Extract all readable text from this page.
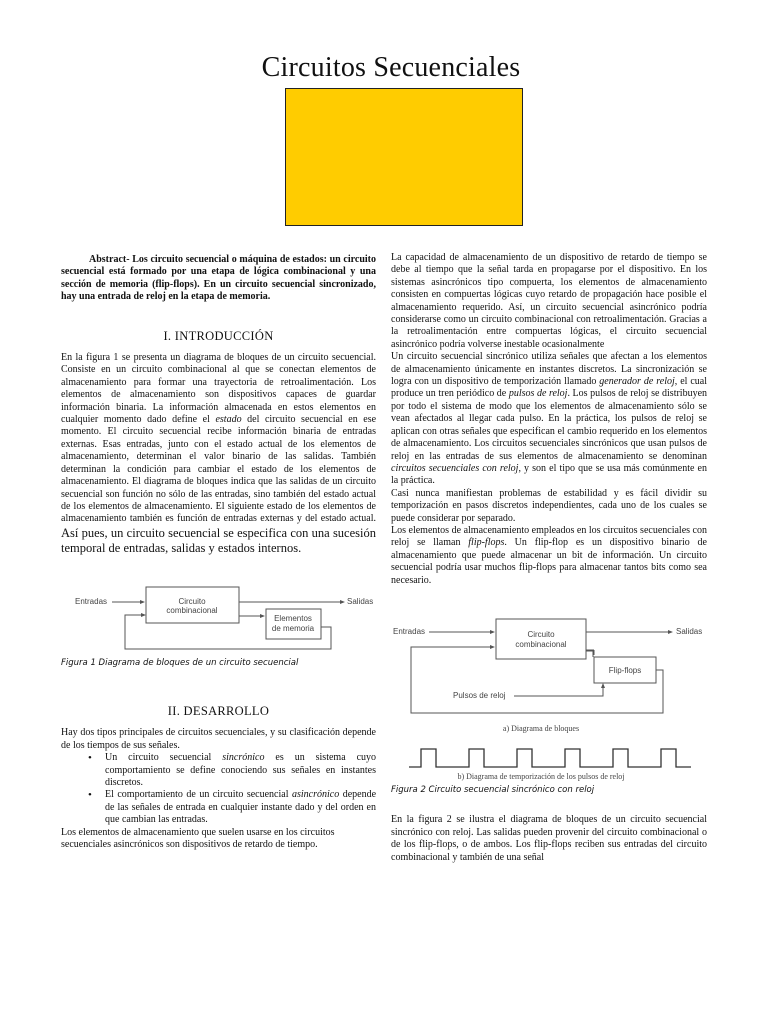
Circuitos Secuenciales

Abstract- Los circuito secuencial o máquina de estados: un circuito secuencial está formado por una etapa de lógica combinacional y una sección de memoria (flip-flops). En un circuito secuencial sincronizado, hay una entrada de reloj en la etapa de memoria.

I. INTRODUCCIÓN

En la figura 1 se presenta un diagrama de bloques de un circuito secuencial. Consiste en un circuito combinacional al que se conectan elementos de almacenamiento para formar una trayectoria de retroalimentación. Los elementos de almacenamiento son dispositivos capaces de guardar información binaria. La información almacenada en estos elementos en cualquier momento dado define el estado del circuito secuencial en ese momento. El circuito secuencial recibe información binaria de entradas externas. Esas entradas, junto con el estado actual de los elementos de almacenamiento, determinan el valor binario de las salidas. También determinan la condición para cambiar el estado de los elementos de almacenamiento. El diagrama de bloques indica que las salidas de un circuito secuencial son función no sólo de las entradas, sino también del estado actual de los elementos de almacenamiento. El siguiente estado de los elementos de almacenamiento también es función de entradas externas y del estado actual. Así pues, un circuito secuencial se especifica con una sucesión temporal de entradas, salidas y estados internos.

Entradas	Circuito
combinacional
Salidas
Elementos
de memoria
Figura 1 Diagrama de bloques de un circuito secuencial
II. DESARROLLO

Hay dos tipos principales de circuitos secuenciales, y su clasificación depende de los tiempos de sus señales.

• Un circuito secuencial sincrónico es un sistema cuyo comportamiento se define conociendo sus señales en instantes discretos.
• El comportamiento de un circuito secuencial asincrónico depende de las señales de entrada en cualquier instante dado y del orden en que cambian las entradas.

Los elementos de almacenamiento que suelen usarse en los circuitos secuenciales asincrónicos son dispositivos de retardo de tiempo.

La capacidad de almacenamiento de un dispositivo de retardo de tiempo se debe al tiempo que la señal tarda en propagarse por el dispositivo. En los sistemas asincrónicos tipo compuerta, los elementos de almacenamiento consisten en compuertas lógicas cuyo retardo de propagación hace posible el almacenamiento requerido. Así, un circuito secuencial asincrónico podría considerarse como un circuito combinacional con retroalimentación. Gracias a la retroalimentación entre compuertas lógicas, el circuito secuencial asincrónico podría volverse inestable ocasionalmente

Un circuito secuencial sincrónico utiliza señales que afectan a los elementos de almacenamiento únicamente en instantes discretos. La sincronización se logra con un dispositivo de temporización llamado generador de reloj, el cual produce un tren periódico de pulsos de reloj. Los pulsos de reloj se distribuyen por todo el sistema de modo que los elementos de almacenamiento sólo se vean afectados al llegar cada pulso. En la práctica, los pulsos de reloj se aplican con otras señales que especifican el cambio requerido en los elementos de almacenamiento. Los circuitos secuenciales sincrónicos que usan pulsos de reloj en las entradas de sus elementos de almacenamiento se denominan circuitos secuenciales con reloj, y son el tipo que se usa más comúnmente en la práctica.

Casi nunca manifiestan problemas de estabilidad y es fácil dividir su temporización en pasos discretos independientes, cada uno de los cuales se puede considerar por separado.

Los elementos de almacenamiento empleados en los circuitos secuenciales con reloj se llaman flip-flops. Un flip-flop es un dispositivo binario de almacenamiento que puede almacenar un bit de información. Un circuito secuencial podría usar muchos flip-flops para almacenar tantos bits como sea necesario.

Entradas	Circuito
combinacional
Salidas
Flip-flops
Pulsos de reloj
a) Diagrama de bloques
b) Diagrama de temporización de los pulsos de reloj
Figura 2 Circuito secuencial sincrónico con reloj

En la figura 2 se ilustra el diagrama de bloques de un circuito secuencial sincrónico con reloj. Las salidas pueden provenir del circuito combinacional o de los flip-flops, o de ambos. Los flip-flops reciben sus entradas del circuito combinacional y también de una señal
